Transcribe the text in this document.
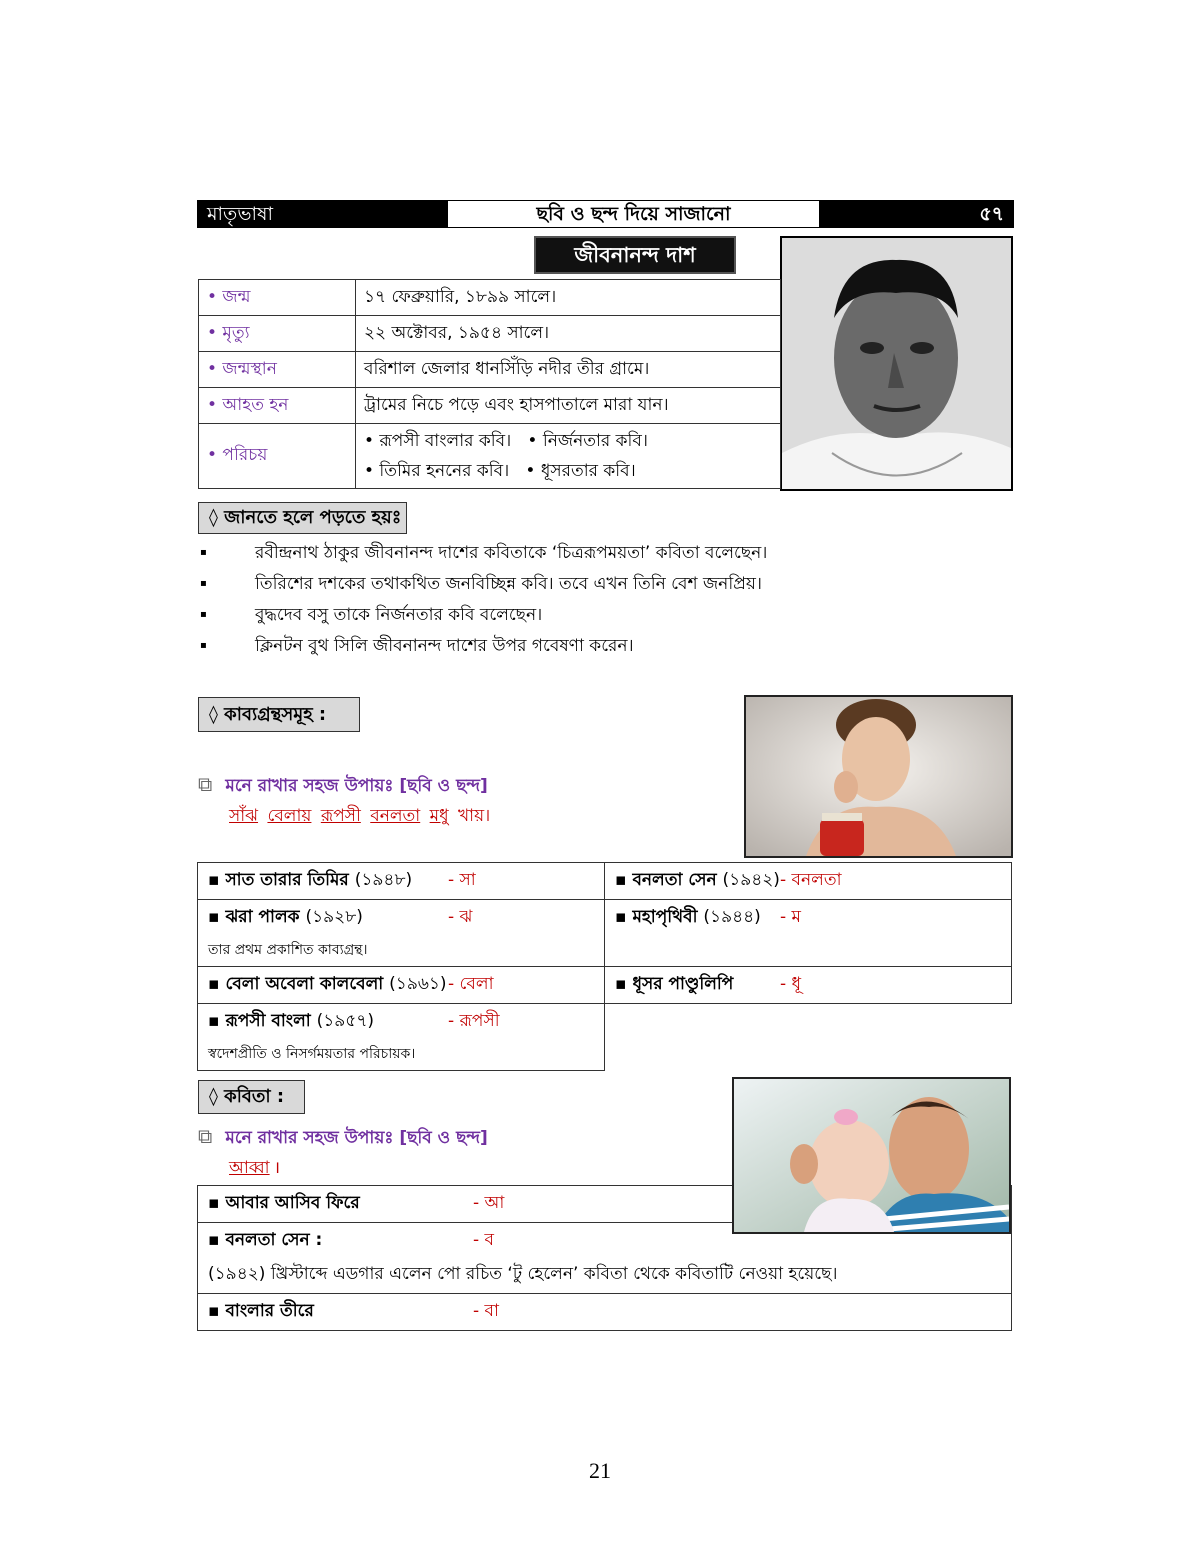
মাতৃভাষা	ছবি ও ছন্দ দিয়ে সাজানো	৫৭
জীবনানন্দ দাশ
• জন্ম	১৭ ফেব্রুয়ারি, ১৮৯৯ সালে।
• মৃত্যু	২২ অক্টোবর, ১৯৫৪ সালে।
• জন্মস্থান	বরিশাল জেলার ধানসিঁড়ি নদীর তীর গ্রামে।
• আহত হন	ট্রামের নিচে পড়ে এবং হাসপাতালে মারা যান।
• পরিচয়	• রূপসী বাংলার কবি।   • নির্জনতার কবি।
• তিমির হননের কবি।   • ধূসরতার কবি।
◊ জানতে হলে পড়তে হয়ঃ
▪ রবীন্দ্রনাথ ঠাকুর জীবনানন্দ দাশের কবিতাকে ‘চিত্ররূপময়তা’ কবিতা বলেছেন।
▪ তিরিশের দশকের তথাকথিত জনবিচ্ছিন্ন কবি। তবে এখন তিনি বেশ জনপ্রিয়।
▪ বুদ্ধদেব বসু তাকে নির্জনতার কবি বলেছেন।
▪ ক্লিনটন বুথ সিলি জীবনানন্দ দাশের উপর গবেষণা করেন।
◊ কাব্যগ্রন্থসমূহ :
⧉ মনে রাখার সহজ উপায়ঃ [ছবি ও ছন্দ]
সাঁঝ বেলায় রূপসী বনলতা মধু খায়।
▪ সাত তারার তিমির (১৯৪৮) - সা	▪ বনলতা সেন (১৯৪২)- বনলতা
▪ ঝরা পালক (১৯২৮) - ঝ
তার প্রথম প্রকাশিত কাব্যগ্রন্থ।	▪ মহাপৃথিবী (১৯৪৪) - ম
▪ বেলা অবেলা কালবেলা (১৯৬১)- বেলা	▪ ধূসর পাণ্ডুলিপি - ধূ
▪ রূপসী বাংলা (১৯৫৭) - রূপসী
স্বদেশপ্রীতি ও নিসর্গময়তার পরিচায়ক।	

◊ কবিতা :
⧉ মনে রাখার সহজ উপায়ঃ [ছবি ও ছন্দ]
আব্বা ।
▪ আবার আসিব ফিরে	- আ
▪ বনলতা সেন :	- ব
(১৯৪২) খ্রিস্টাব্দে এডগার এলেন পো রচিত ‘টু হেলেন’ কবিতা থেকে কবিতাটি নেওয়া হয়েছে।

▪ বাংলার তীরে	- বা
21
